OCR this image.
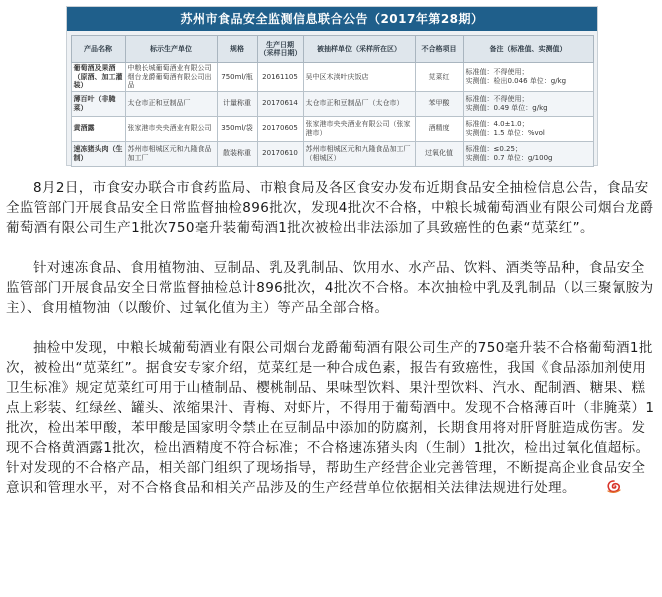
苏州市食品安全监测信息联合公告（2017年第28期）
产品名称	标示生产单位	规格	生产日期（采样日期）	被抽样单位（采样所在区）	不合格项目	备注（标准值、实测值）
葡萄酒及果酒（原酒、加工灌装）	中粮长城葡萄酒业有限公司 烟台龙爵葡萄酒有限公司出品	750ml/瓶	20161105	吴中区木渎叶庆饭店	苋菜红	标准值：不得使用；
实测值：检出0.046 单位：g/kg

薄百叶（非腌菜）	太仓市正和豆制品厂	计量称重	20170614	太仓市正和豆制品厂（太仓市）	苯甲酸	标准值：不得使用；
实测值：0.49 单位：g/kg

黄酒露	张家港市央央酒业有限公司	350ml/袋	20170605	张家港市央央酒业有限公司（张家港市）	酒精度	标准值：4.0±1.0；
实测值：1.5 单位：%vol

速冻猪头肉（生制）	苏州市相城区元和九隆食品加工厂	散装称重	20170610	苏州市相城区元和九隆食品加工厂（相城区）	过氧化值	标准值：≤0.25；
实测值：0.7 单位：g/100g

8月2日，市食安办联合市食药监局、市粮食局及各区食安办发布近期食品安全抽检信息公告，食品安全监管部门开展食品安全日常监督抽检896批次，发现4批次不合格，中粮长城葡萄酒业有限公司烟台龙爵葡萄酒有限公司生产1批次750毫升装葡萄酒1批次被检出非法添加了具致癌性的色素“苋菜红”。

针对速冻食品、食用植物油、豆制品、乳及乳制品、饮用水、水产品、饮料、酒类等品种，食品安全监管部门开展食品安全日常监督抽检总计896批次，4批次不合格。本次抽检中乳及乳制品（以三聚氰胺为主）、食用植物油（以酸价、过氧化值为主）等产品全部合格。

抽检中发现，中粮长城葡萄酒业有限公司烟台龙爵葡萄酒有限公司生产的750毫升装不合格葡萄酒1批次，被检出“苋菜红”。据食安专家介绍，苋菜红是一种合成色素，报告有致癌性，我国《食品添加剂使用卫生标准》规定苋菜红可用于山楂制品、樱桃制品、果味型饮料、果汁型饮料、汽水、配制酒、糖果、糕点上彩装、红绿丝、罐头、浓缩果汁、青梅、对虾片，不得用于葡萄酒中。发现不合格薄百叶（非腌菜）1批次，检出苯甲酸，苯甲酸是国家明令禁止在豆制品中添加的防腐剂，长期食用将对肝肾脏造成伤害。发现不合格黄酒露1批次，检出酒精度不符合标准；不合格速冻猪头肉（生制）1批次，检出过氧化值超标。针对发现的不合格产品，相关部门组织了现场指导，帮助生产经营企业完善管理，不断提高企业食品安全意识和管理水平，对不合格食品和相关产品涉及的生产经营单位依据相关法律法规进行处理。
